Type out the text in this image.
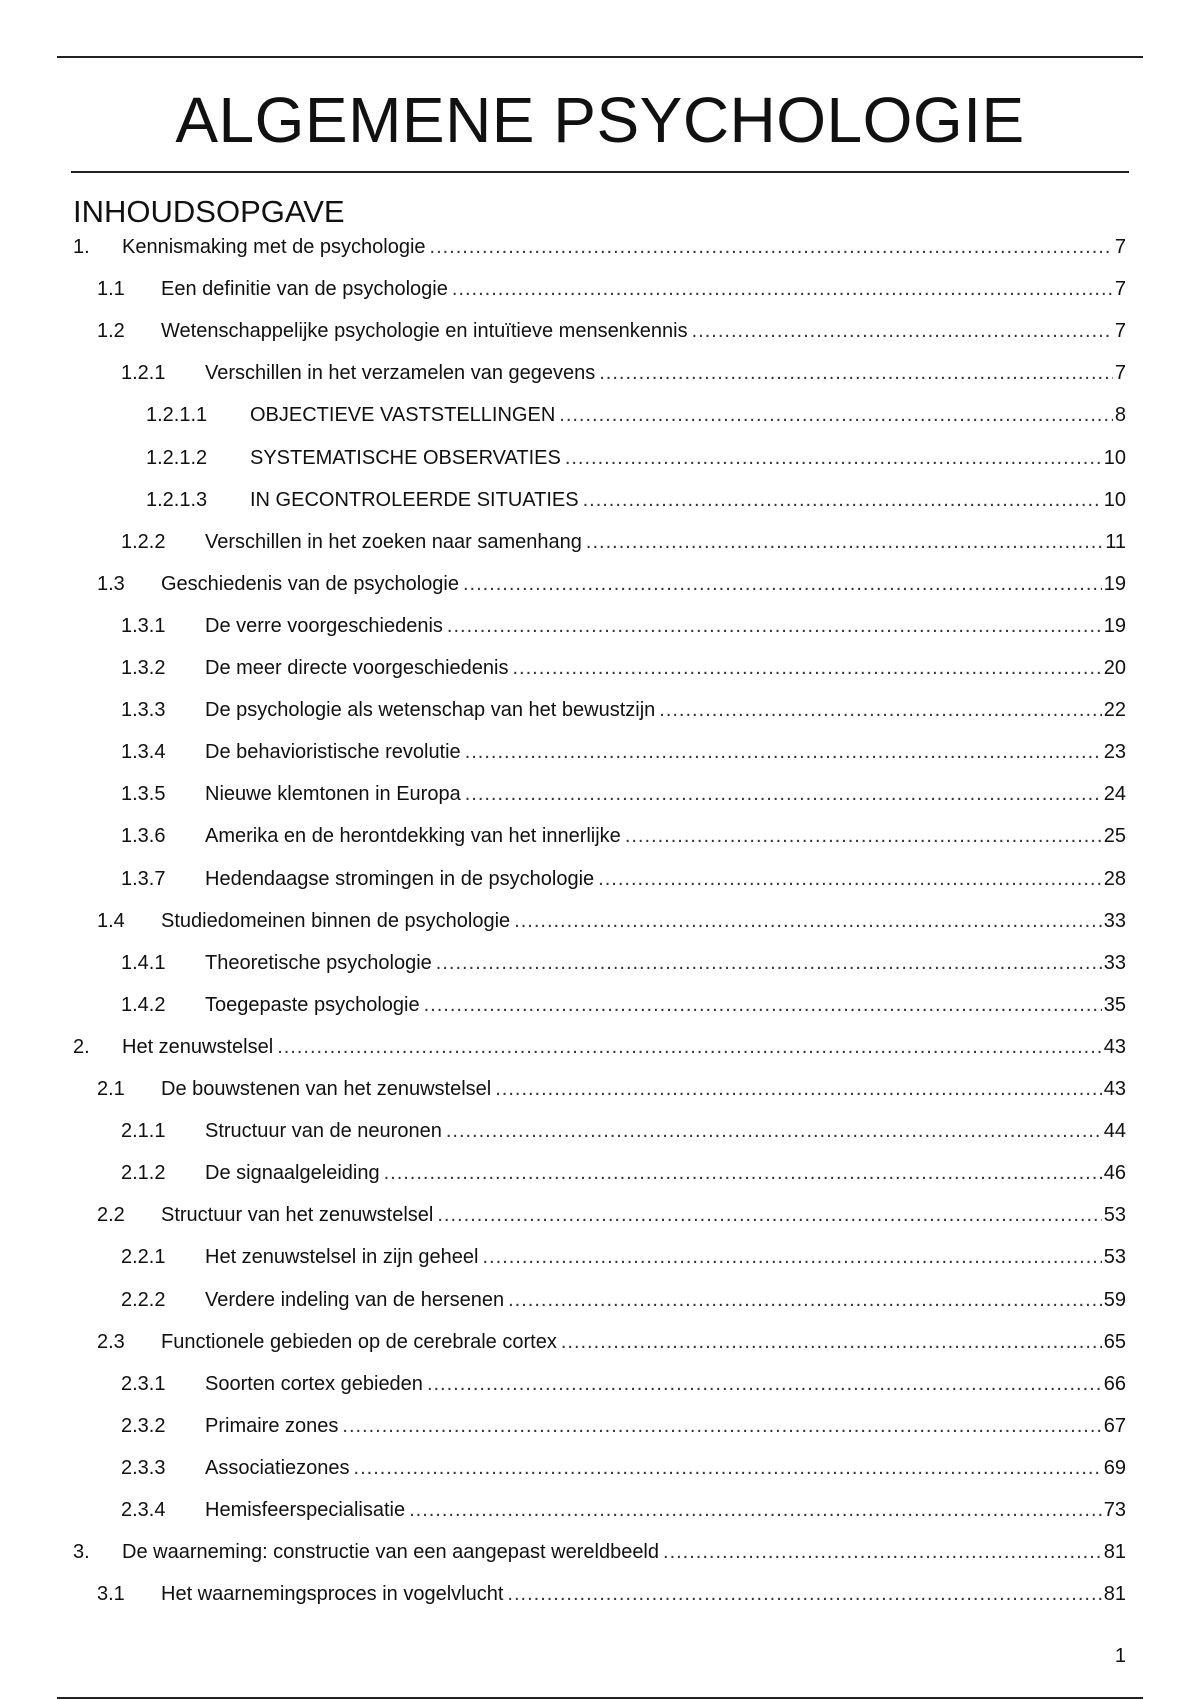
ALGEMENE PSYCHOLOGIE
INHOUDSOPGAVE
1.	Kennismaking met de psychologie .....	7
1.1	Een definitie van de psychologie .....	7
1.2	Wetenschappelijke psychologie en intuïtieve mensenkennis .....	7
1.2.1	Verschillen in het verzamelen van gegevens .....	7
1.2.1.1	OBJECTIEVE VASTSTELLINGEN .....	8
1.2.1.2	SYSTEMATISCHE OBSERVATIES .....	10
1.2.1.3	IN GECONTROLEERDE SITUATIES .....	10
1.2.2	Verschillen in het zoeken naar samenhang .....	11
1.3	Geschiedenis van de psychologie .....	19
1.3.1	De verre voorgeschiedenis .....	19
1.3.2	De meer directe voorgeschiedenis .....	20
1.3.3	De psychologie als wetenschap van het bewustzijn .....	22
1.3.4	De behavioristische revolutie .....	23
1.3.5	Nieuwe klemtonen in Europa .....	24
1.3.6	Amerika en de herontdekking van het innerlijke .....	25
1.3.7	Hedendaagse stromingen in de psychologie .....	28
1.4	Studiedomeinen binnen de psychologie .....	33
1.4.1	Theoretische psychologie .....	33
1.4.2	Toegepaste psychologie .....	35
2.	Het zenuwstelsel .....	43
2.1	De bouwstenen van het zenuwstelsel .....	43
2.1.1	Structuur van de neuronen .....	44
2.1.2	De signaalgeleiding .....	46
2.2	Structuur van het zenuwstelsel .....	53
2.2.1	Het zenuwstelsel in zijn geheel .....	53
2.2.2	Verdere indeling van de hersenen .....	59
2.3	Functionele gebieden op de cerebrale cortex .....	65
2.3.1	Soorten cortex gebieden .....	66
2.3.2	Primaire zones .....	67
2.3.3	Associatiezones .....	69
2.3.4	Hemisfeerspecialisatie .....	73
3.	De waarneming: constructie van een aangepast wereldbeeld .....	81
3.1	Het waarnemingsproces in vogelvlucht .....	81
1
